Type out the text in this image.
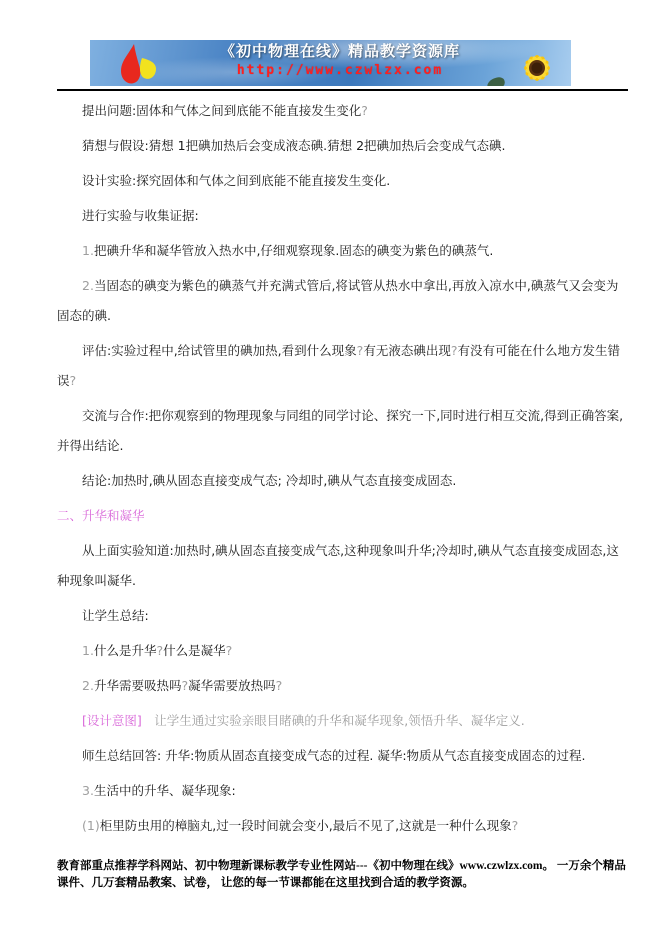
《初中物理在线》精品教学资源库
http://www.czwlzx.com

提出问题:固体和气体之间到底能不能直接发生变化?

猜想与假设:猜想 1把碘加热后会变成液态碘.猜想 2把碘加热后会变成气态碘.

设计实验:探究固体和气体之间到底能不能直接发生变化.

进行实验与收集证据:

1.把碘升华和凝华管放入热水中,仔细观察现象.固态的碘变为紫色的碘蒸气.

2.当固态的碘变为紫色的碘蒸气并充满式管后,将试管从热水中拿出,再放入凉水中,碘蒸气又会变为固态的碘.

评估:实验过程中,给试管里的碘加热,看到什么现象?有无液态碘出现?有没有可能在什么地方发生错误?

交流与合作:把你观察到的物理现象与同组的同学讨论、探究一下,同时进行相互交流,得到正确答案,并得出结论.

结论:加热时,碘从固态直接变成气态; 冷却时,碘从气态直接变成固态.

二、升华和凝华

从上面实验知道:加热时,碘从固态直接变成气态,这种现象叫升华;冷却时,碘从气态直接变成固态,这种现象叫凝华.

让学生总结:

1.什么是升华?什么是凝华?

2.升华需要吸热吗?凝华需要放热吗?

[设计意图]　让学生通过实验亲眼目睹碘的升华和凝华现象,领悟升华、凝华定义.

师生总结回答: 升华:物质从固态直接变成气态的过程. 凝华:物质从气态直接变成固态的过程.

3.生活中的升华、凝华现象:

(1)柜里防虫用的樟脑丸,过一段时间就会变小,最后不见了,这就是一种什么现象?

教育部重点推荐学科网站、初中物理新课标教学专业性网站---《初中物理在线》www.czwlzx.com。 一万余个精品课件、几万套精品教案、试卷， 让您的每一节课都能在这里找到合适的教学资源。
